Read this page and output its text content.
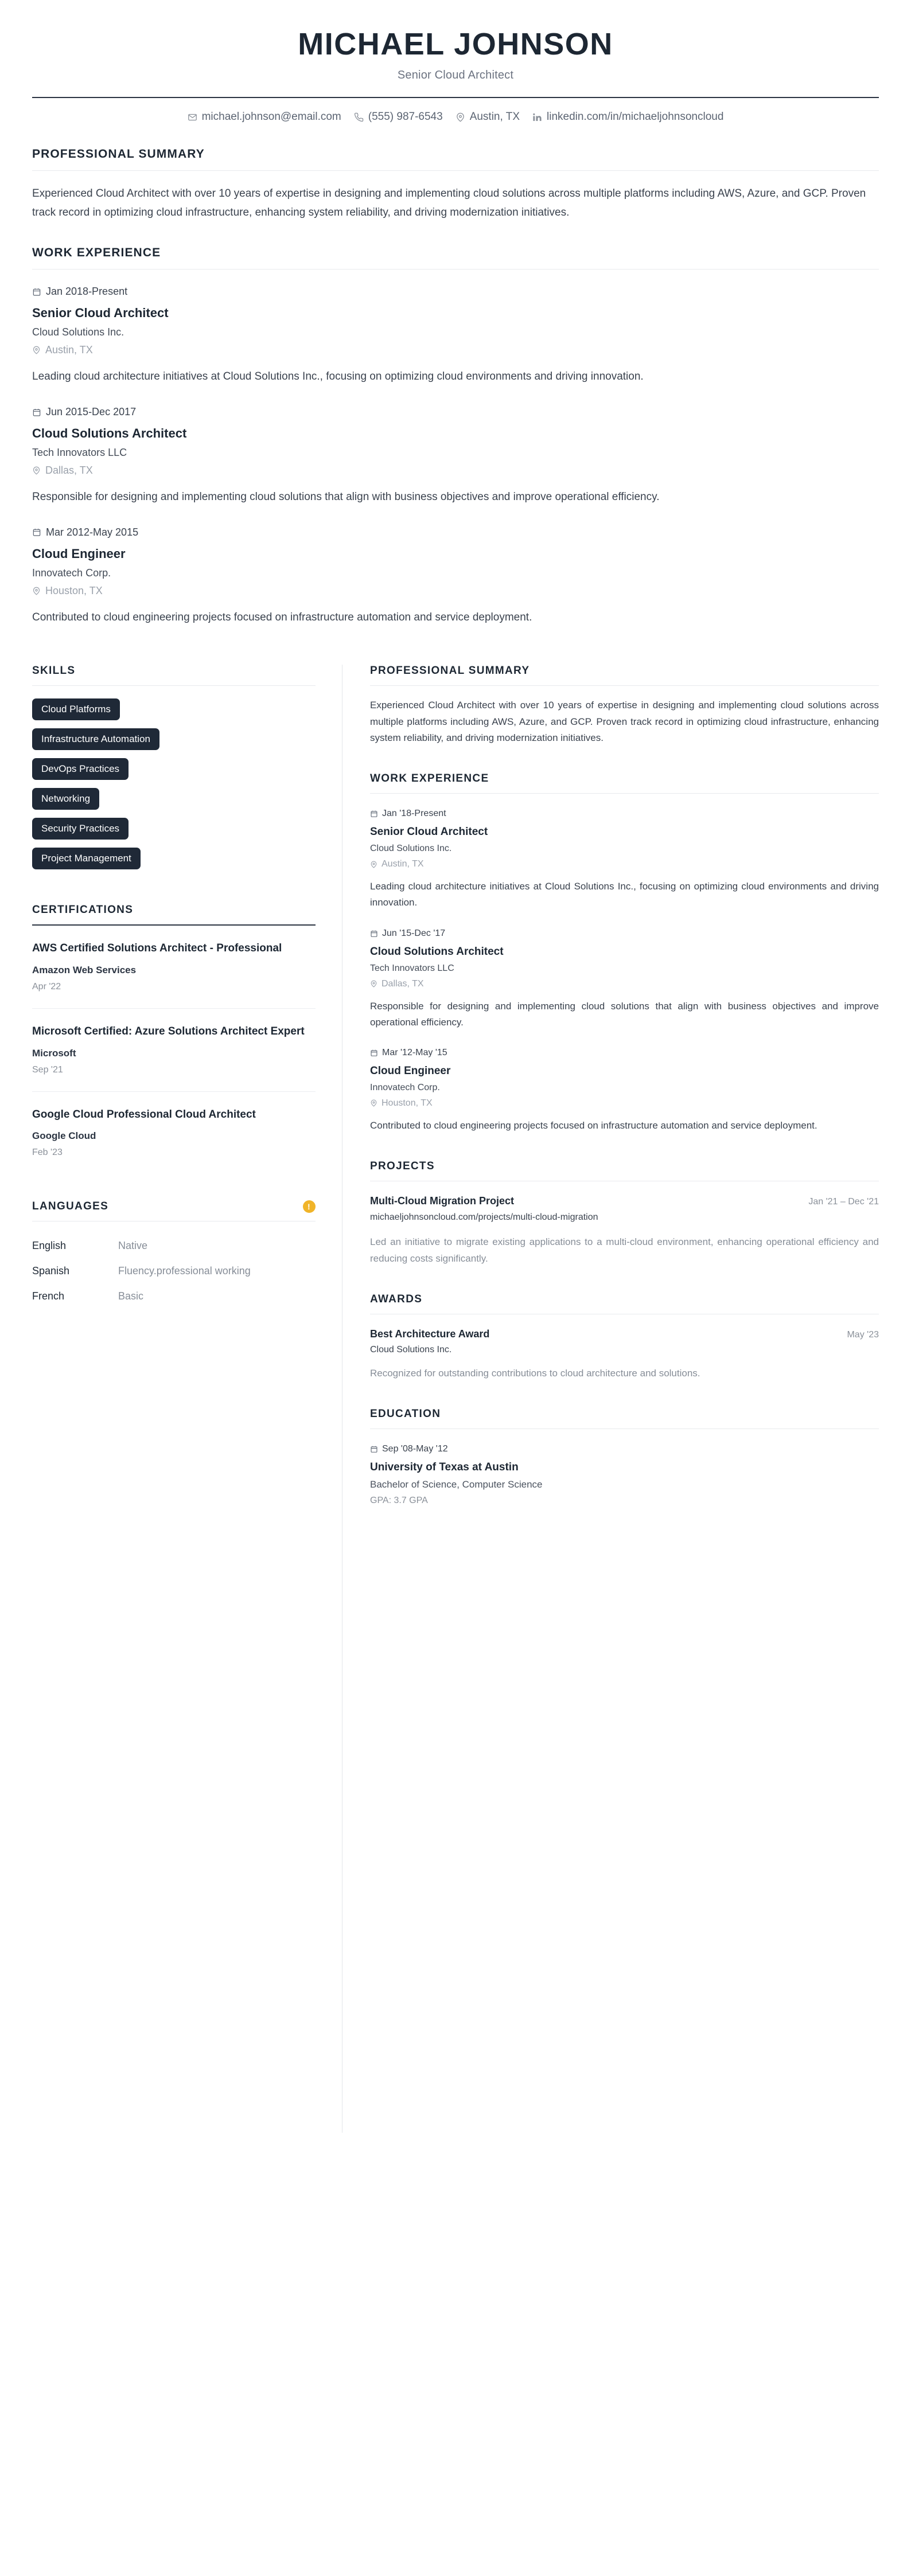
MICHAEL JOHNSON
Senior Cloud Architect
michael.johnson@email.com (555) 987-6543 Austin, TX linkedin.com/in/michaeljohnsoncloud
PROFESSIONAL SUMMARY

Experienced Cloud Architect with over 10 years of expertise in designing and implementing cloud solutions across multiple platforms including AWS, Azure, and GCP. Proven track record in optimizing cloud infrastructure, enhancing system reliability, and driving modernization initiatives.

WORK EXPERIENCE
Jan 2018-Present
Senior Cloud Architect
Cloud Solutions Inc.
Austin, TX

Leading cloud architecture initiatives at Cloud Solutions Inc., focusing on optimizing cloud environments and driving innovation.

Jun 2015-Dec 2017
Cloud Solutions Architect
Tech Innovators LLC
Dallas, TX

Responsible for designing and implementing cloud solutions that align with business objectives and improve operational efficiency.

Mar 2012-May 2015
Cloud Engineer
Innovatech Corp.
Houston, TX

Contributed to cloud engineering projects focused on infrastructure automation and service deployment.

SKILLS
Cloud Platforms
Infrastructure Automation
DevOps Practices
Networking
Security Practices
Project Management
CERTIFICATIONS
AWS Certified Solutions Architect - Professional
Amazon Web Services
Apr '22
Microsoft Certified: Azure Solutions Architect Expert
Microsoft
Sep '21
Google Cloud Professional Cloud Architect
Google Cloud
Feb '23
LANGUAGES	!
English	Native
Spanish	Fluency.professional working
French	Basic
PROFESSIONAL SUMMARY

Experienced Cloud Architect with over 10 years of expertise in designing and implementing cloud solutions across multiple platforms including AWS, Azure, and GCP. Proven track record in optimizing cloud infrastructure, enhancing system reliability, and driving modernization initiatives.

WORK EXPERIENCE
Jan '18-Present
Senior Cloud Architect
Cloud Solutions Inc.
Austin, TX

Leading cloud architecture initiatives at Cloud Solutions Inc., focusing on optimizing cloud environments and driving innovation.

Jun '15-Dec '17
Cloud Solutions Architect
Tech Innovators LLC
Dallas, TX

Responsible for designing and implementing cloud solutions that align with business objectives and improve operational efficiency.

Mar '12-May '15
Cloud Engineer
Innovatech Corp.
Houston, TX

Contributed to cloud engineering projects focused on infrastructure automation and service deployment.

PROJECTS
Multi-Cloud Migration Project	Jan '21 – Dec '21
michaeljohnsoncloud.com/projects/multi-cloud-migration

Led an initiative to migrate existing applications to a multi-cloud environment, enhancing operational efficiency and reducing costs significantly.

AWARDS
Best Architecture Award	May '23
Cloud Solutions Inc.

Recognized for outstanding contributions to cloud architecture and solutions.

EDUCATION
Sep '08-May '12
University of Texas at Austin
Bachelor of Science, Computer Science
GPA: 3.7 GPA
